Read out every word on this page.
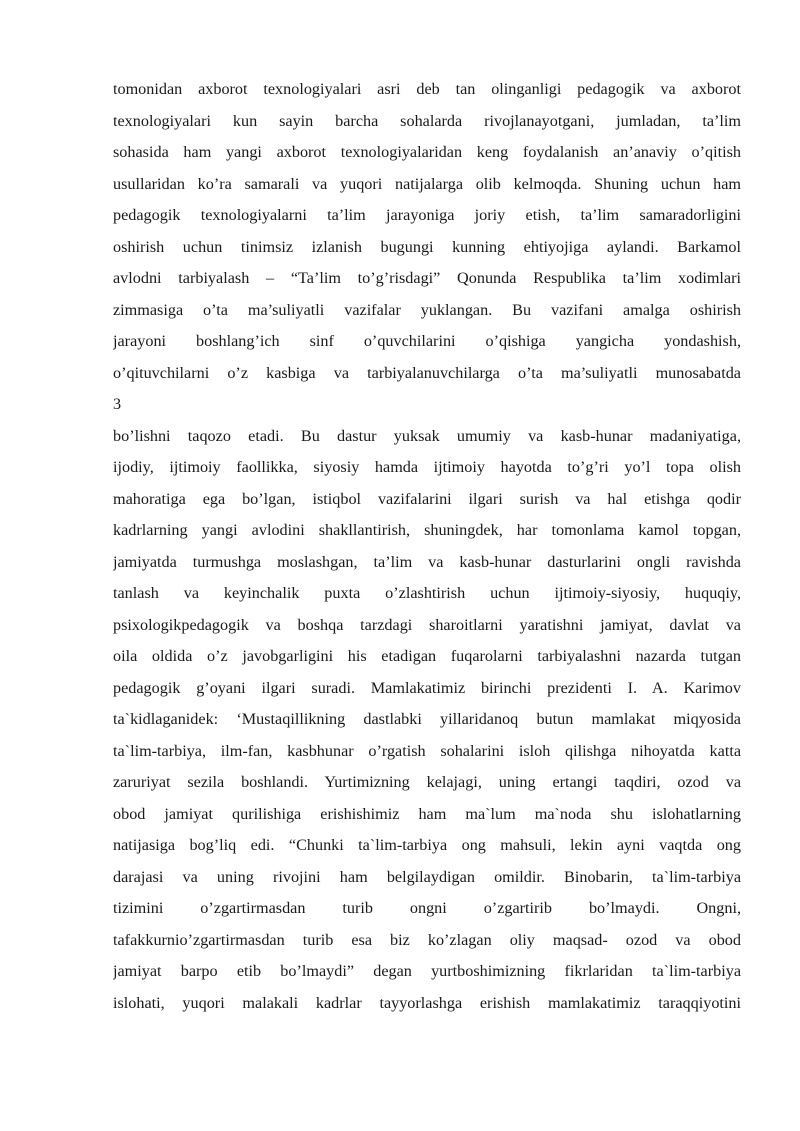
tomonidan axborot texnologiyalari asri deb tan olinganligi pedagogik va axborot
texnologiyalari kun sayin barcha sohalarda rivojlanayotgani, jumladan, ta’lim
sohasida ham yangi axborot texnologiyalaridan keng foydalanish an’anaviy o’qitish
usullaridan ko’ra samarali va yuqori natijalarga olib kelmoqda. Shuning uchun ham
pedagogik texnologiyalarni ta’lim jarayoniga joriy etish, ta’lim samaradorligini
oshirish uchun tinimsiz izlanish bugungi kunning ehtiyojiga aylandi. Barkamol
avlodni tarbiyalash – “Ta’lim to’g’risdagi” Qonunda Respublika ta’lim xodimlari
zimmasiga o’ta ma’suliyatli vazifalar yuklangan. Bu vazifani amalga oshirish
jarayoni boshlang’ich sinf o’quvchilarini o’qishiga yangicha yondashish,
o’qituvchilarni o’z kasbiga va tarbiyalanuvchilarga o’ta ma’suliyatli munosabatda
3
bo’lishni taqozo etadi. Bu dastur yuksak umumiy va kasb-hunar madaniyatiga,
ijodiy, ijtimoiy faollikka, siyosiy hamda ijtimoiy hayotda to’g’ri yo’l topa olish
mahoratiga ega bo’lgan, istiqbol vazifalarini ilgari surish va hal etishga qodir
kadrlarning yangi avlodini shakllantirish, shuningdek, har tomonlama kamol topgan,
jamiyatda turmushga moslashgan, ta’lim va kasb-hunar dasturlarini ongli ravishda
tanlash va keyinchalik puxta o’zlashtirish uchun ijtimoiy-siyosiy, huquqiy,
psixologikpedagogik va boshqa tarzdagi sharoitlarni yaratishni jamiyat, davlat va
oila oldida o’z javobgarligini his etadigan fuqarolarni tarbiyalashni nazarda tutgan
pedagogik g’oyani ilgari suradi. Mamlakatimiz birinchi prezidenti I. A. Karimov
ta`kidlaganidek: ‘Mustaqillikning dastlabki yillaridanoq butun mamlakat miqyosida
ta`lim-tarbiya, ilm-fan, kasbhunar o’rgatish sohalarini isloh qilishga nihoyatda katta
zaruriyat sezila boshlandi. Yurtimizning kelajagi, uning ertangi taqdiri, ozod va
obod jamiyat qurilishiga erishishimiz ham ma`lum ma`noda shu islohatlarning
natijasiga bog’liq edi. “Chunki ta`lim-tarbiya ong mahsuli, lekin ayni vaqtda ong
darajasi va uning rivojini ham belgilaydigan omildir. Binobarin, ta`lim-tarbiya
tizimini o’zgartirmasdan turib ongni o’zgartirib bo’lmaydi. Ongni,
tafakkurnio’zgartirmasdan turib esa biz ko’zlagan oliy maqsad- ozod va obod
jamiyat barpo etib bo’lmaydi” degan yurtboshimizning fikrlaridan ta`lim-tarbiya
islohati, yuqori malakali kadrlar tayyorlashga erishish mamlakatimiz taraqqiyotini
